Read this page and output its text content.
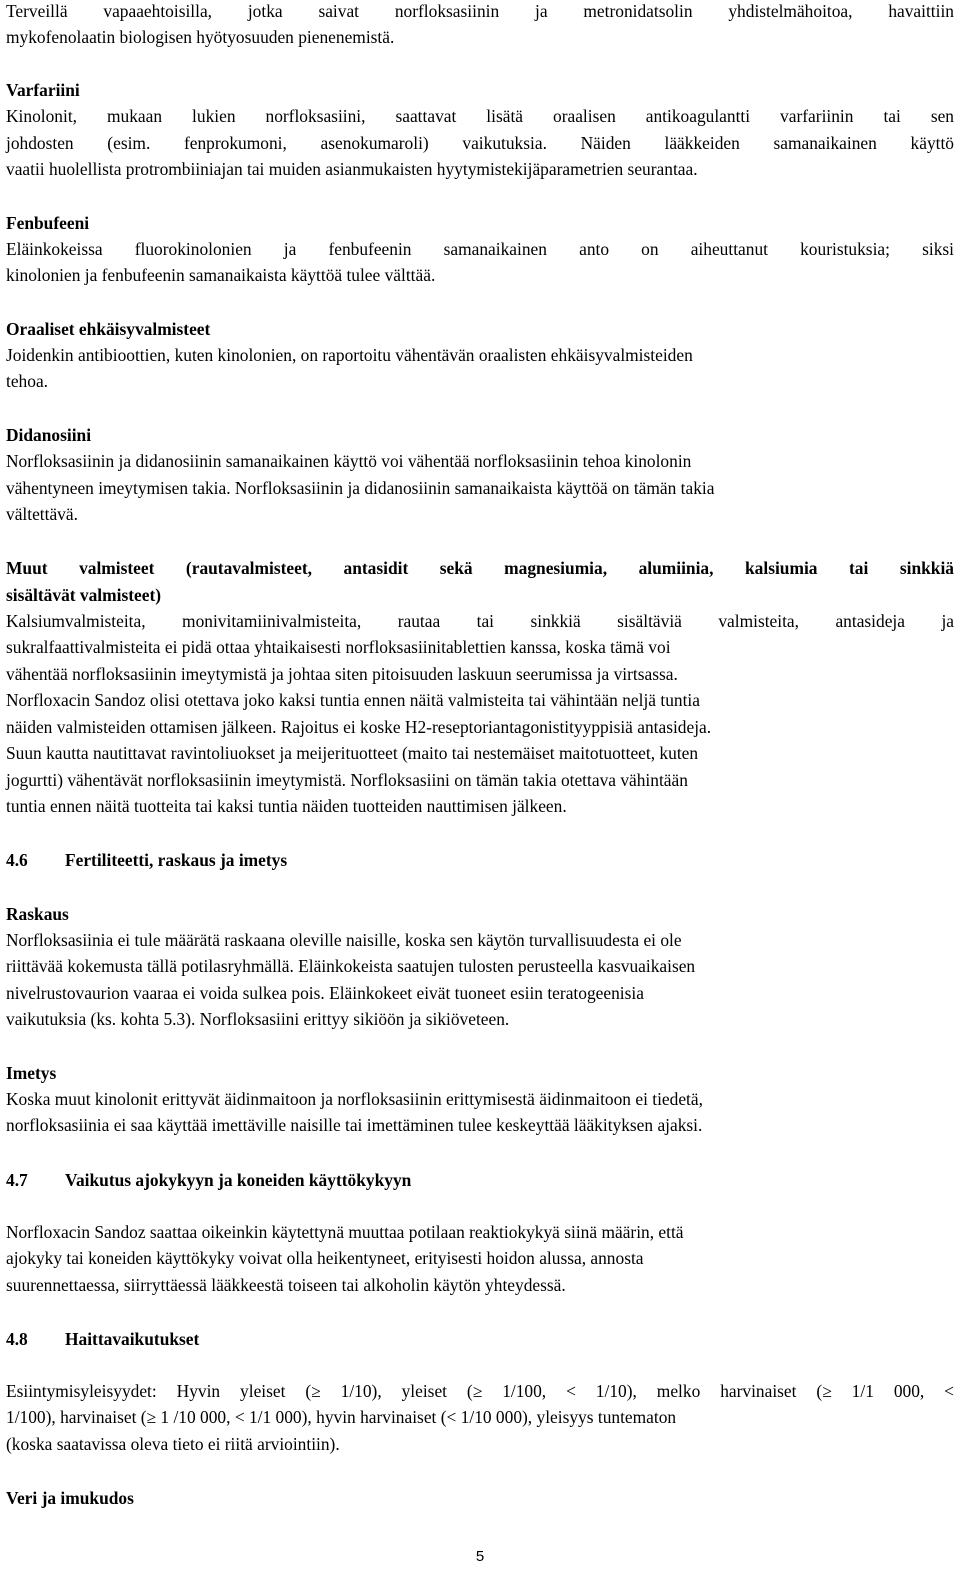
Terveillä vapaaehtoisilla, jotka saivat norfloksasiinin ja metronidatsolin yhdistelmähoitoa, havaittiin
mykofenolaatin biologisen hyötyosuuden pienenemistä.
Varfariini
Kinolonit, mukaan lukien norfloksasiini, saattavat lisätä oraalisen antikoagulantti varfariinin tai sen
johdosten (esim. fenprokumoni, asenokumaroli) vaikutuksia. Näiden lääkkeiden samanaikainen käyttö
vaatii huolellista protrombiiniajan tai muiden asianmukaisten hyytymistekijäparametrien seurantaa.
Fenbufeeni
Eläinkokeissa fluorokinolonien ja fenbufeenin samanaikainen anto on aiheuttanut kouristuksia; siksi
kinolonien ja fenbufeenin samanaikaista käyttöä tulee välttää.
Oraaliset ehkäisyvalmisteet
Joidenkin antibioottien, kuten kinolonien, on raportoitu vähentävän oraalisten ehkäisyvalmisteiden
tehoa.
Didanosiini
Norfloksasiinin ja didanosiinin samanaikainen käyttö voi vähentää norfloksasiinin tehoa kinolonin
vähentyneen imeytymisen takia. Norfloksasiinin ja didanosiinin samanaikaista käyttöä on tämän takia
vältettävä.
Muut valmisteet (rautavalmisteet, antasidit sekä magnesiumia, alumiinia, kalsiumia tai sinkkiä
sisältävät valmisteet)
Kalsiumvalmisteita, monivitamiinivalmisteita, rautaa tai sinkkiä sisältäviä valmisteita, antasideja ja
sukralfaattivalmisteita ei pidä ottaa yhtaikaisesti norfloksasiinitablettien kanssa, koska tämä voi
vähentää norfloksasiinin imeytymistä ja johtaa siten pitoisuuden laskuun seerumissa ja virtsassa.
Norfloxacin Sandoz olisi otettava joko kaksi tuntia ennen näitä valmisteita tai vähintään neljä tuntia
näiden valmisteiden ottamisen jälkeen. Rajoitus ei koske H2-reseptoriantagonistityyppisiä antasideja.
Suun kautta nautittavat ravintoliuokset ja meijerituotteet (maito tai nestemäiset maitotuotteet, kuten
jogurtti) vähentävät norfloksasiinin imeytymistä. Norfloksasiini on tämän takia otettava vähintään
tuntia ennen näitä tuotteita tai kaksi tuntia näiden tuotteiden nauttimisen jälkeen.
4.6 Fertiliteetti, raskaus ja imetys
Raskaus
Norfloksasiinia ei tule määrätä raskaana oleville naisille, koska sen käytön turvallisuudesta ei ole
riittävää kokemusta tällä potilasryhmällä. Eläinkokeista saatujen tulosten perusteella kasvuaikaisen
nivelrustovaurion vaaraa ei voida sulkea pois. Eläinkokeet eivät tuoneet esiin teratogeenisia
vaikutuksia (ks. kohta 5.3). Norfloksasiini erittyy sikiöön ja sikiöveteen.
Imetys
Koska muut kinolonit erittyvät äidinmaitoon ja norfloksasiinin erittymisestä äidinmaitoon ei tiedetä,
norfloksasiinia ei saa käyttää imettäville naisille tai imettäminen tulee keskeyttää lääkityksen ajaksi.
4.7 Vaikutus ajokykyyn ja koneiden käyttökykyyn
Norfloxacin Sandoz saattaa oikeinkin käytettynä muuttaa potilaan reaktiokykyä siinä määrin, että
ajokyky tai koneiden käyttökyky voivat olla heikentyneet, erityisesti hoidon alussa, annosta
suurennettaessa, siirryttäessä lääkkeestä toiseen tai alkoholin käytön yhteydessä.
4.8 Haittavaikutukset
Esiintymisyleisyydet: Hyvin yleiset (≥ 1/10), yleiset (≥ 1/100, < 1/10), melko harvinaiset (≥ 1/1 000, <
1/100), harvinaiset (≥ 1 /10 000, < 1/1 000), hyvin harvinaiset (< 1/10 000), yleisyys tuntematon
(koska saatavissa oleva tieto ei riitä arviointiin).
Veri ja imukudos
5
